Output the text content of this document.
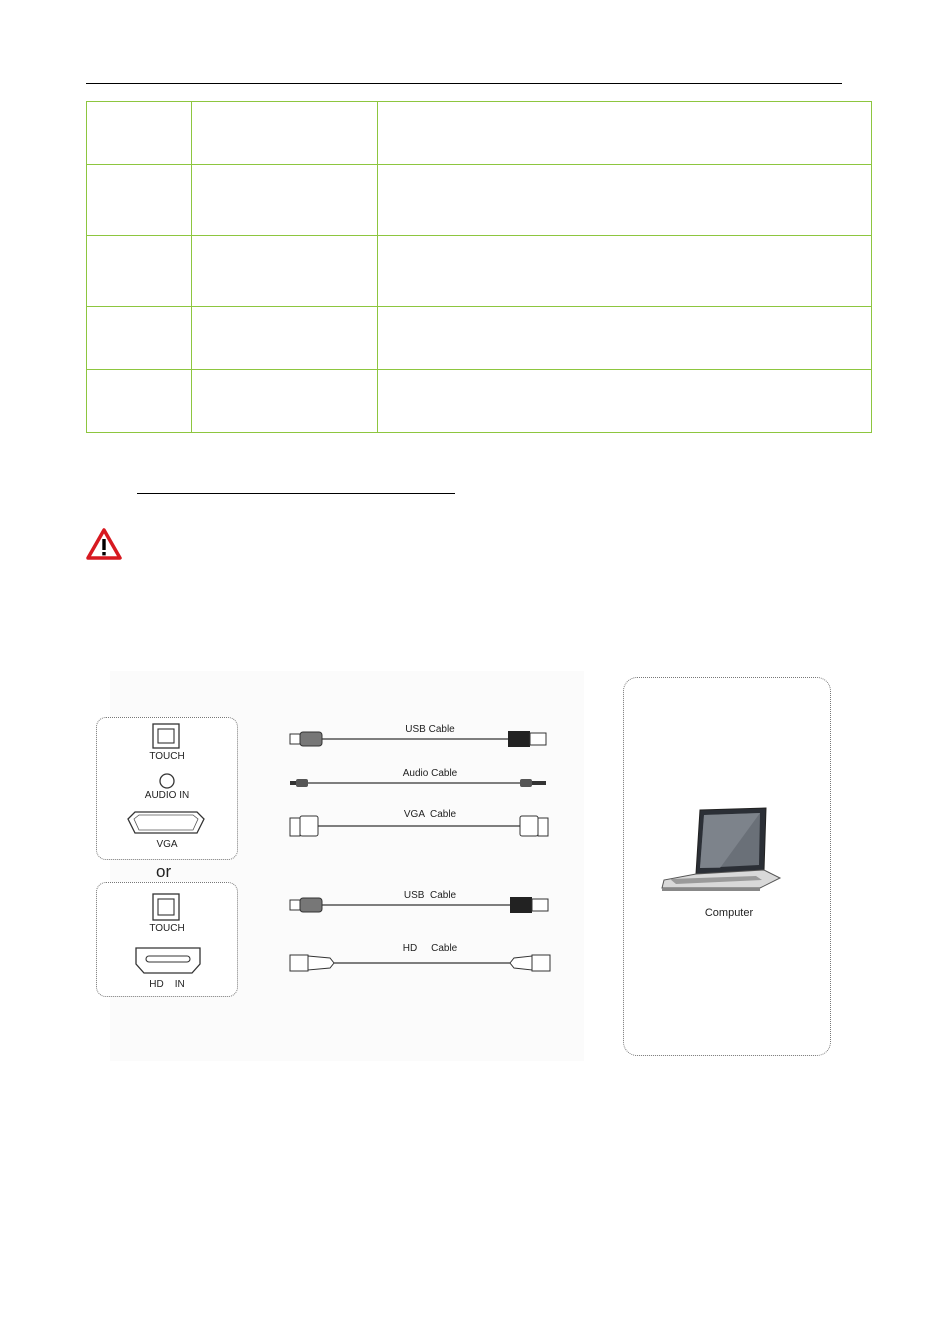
TOUCH
AUDIO IN
VGA
or
TOUCH
HD    IN
USB Cable
Audio Cable
VGA  Cable
USB  Cable
HD     Cable
Computer
